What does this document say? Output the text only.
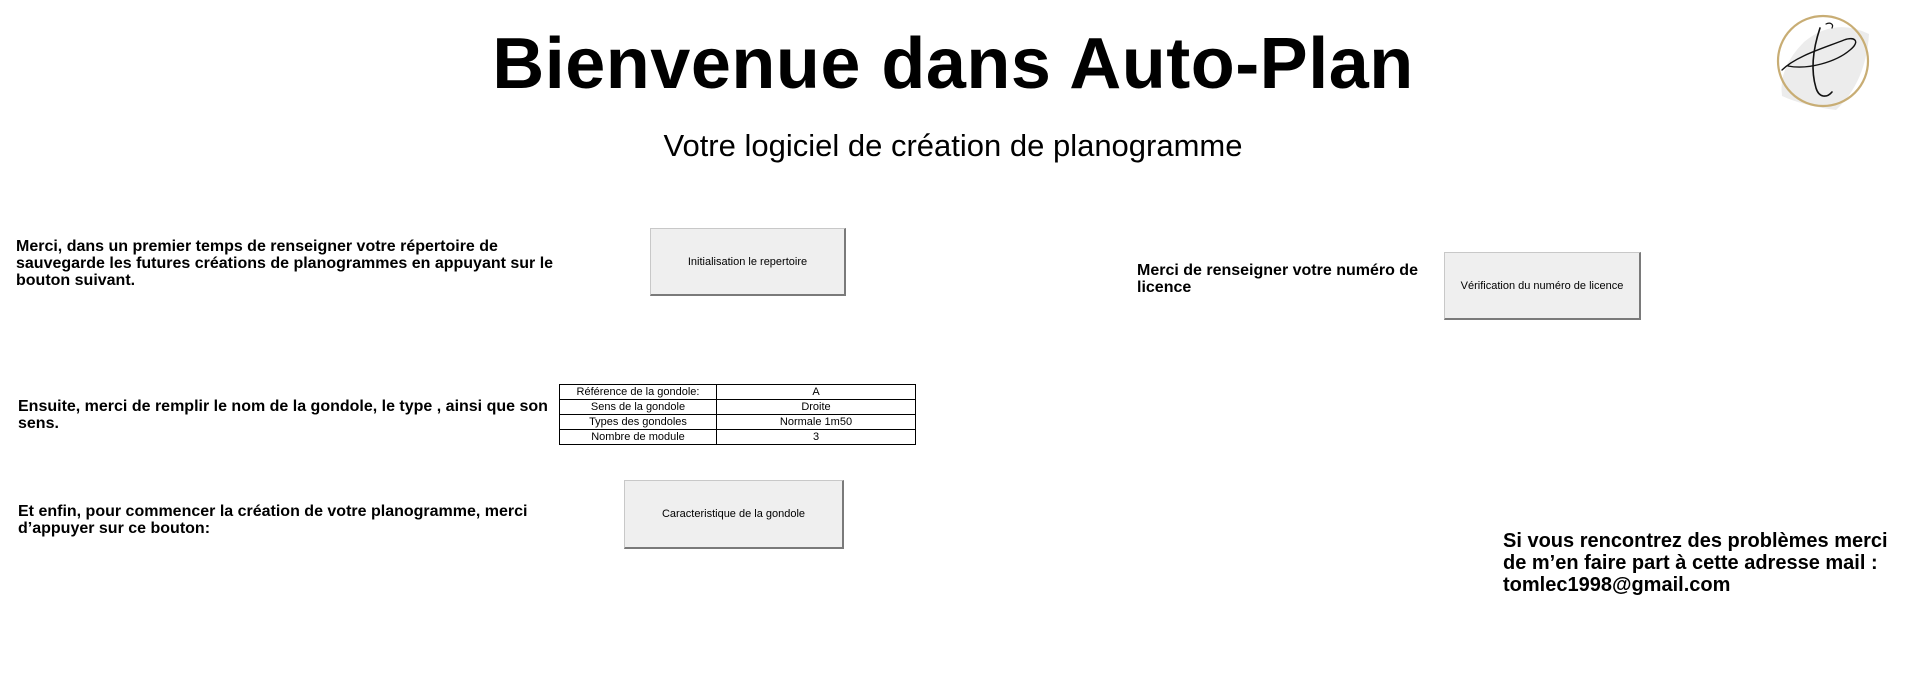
Bienvenue dans Auto-Plan
Votre logiciel de création de planogramme
Merci, dans un premier temps de renseigner votre répertoire de sauvegarde les futures créations de planogrammes en appuyant sur le bouton suivant.
Initialisation le repertoire
Merci de renseigner votre numéro de licence	Vérification du numéro de licence
Ensuite, merci de remplir le nom de la gondole, le type , ainsi que son sens.
Référence de la gondole:	A
Sens de la gondole	Droite
Types des gondoles	Normale 1m50
Nombre de module	3
Et enfin, pour commencer la création de votre planogramme, merci d’appuyer sur ce bouton:
Caracteristique de la gondole
Si vous rencontrez des problèmes merci de m’en faire part à cette adresse mail :
tomlec1998@gmail.com
